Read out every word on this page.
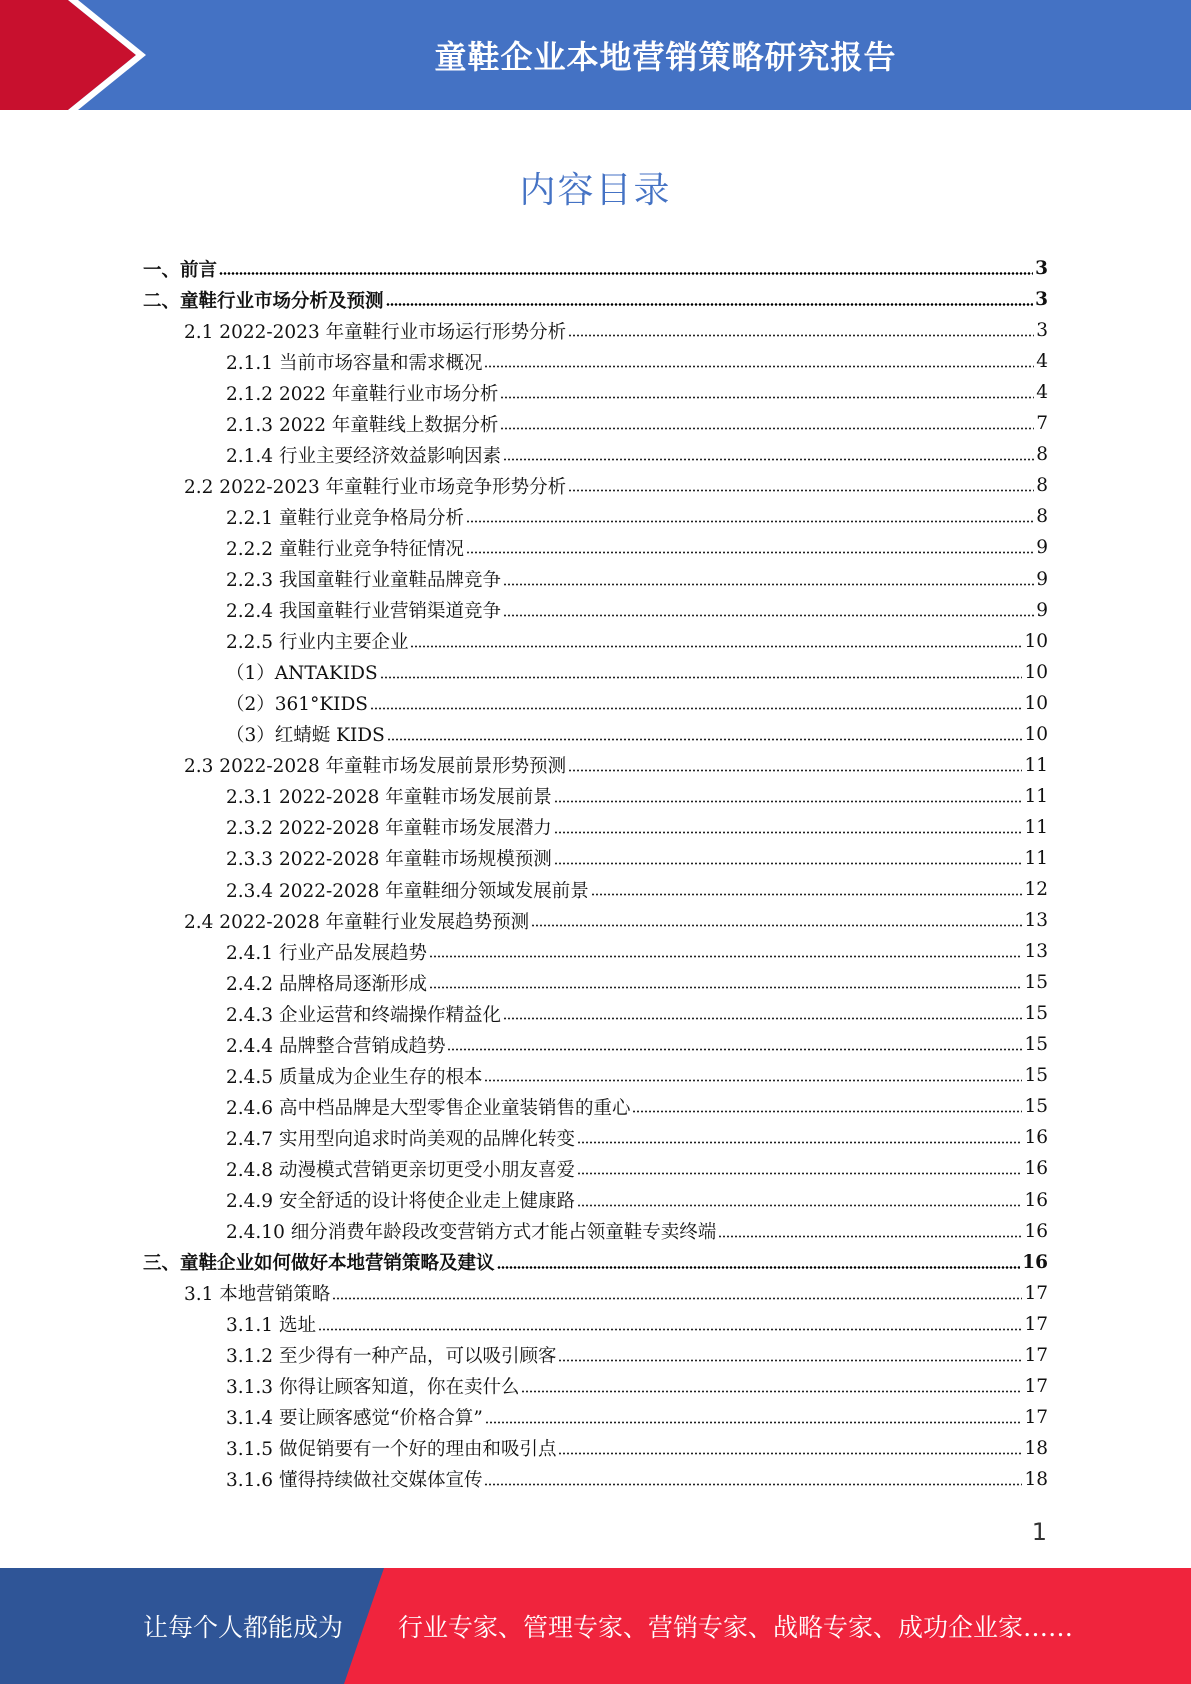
童鞋企业本地营销策略研究报告
内容目录
一、前言	3
二、童鞋行业市场分析及预测	3
2.1 2022-2023 年童鞋行业市场运行形势分析	3
2.1.1 当前市场容量和需求概况	4
2.1.2 2022 年童鞋行业市场分析	4
2.1.3 2022 年童鞋线上数据分析	7
2.1.4 行业主要经济效益影响因素	8
2.2 2022-2023 年童鞋行业市场竞争形势分析	8
2.2.1 童鞋行业竞争格局分析	8
2.2.2 童鞋行业竞争特征情况	9
2.2.3 我国童鞋行业童鞋品牌竞争	9
2.2.4 我国童鞋行业营销渠道竞争	9
2.2.5 行业内主要企业	10
（1）ANTAKIDS	10
（2）361°KIDS	10
（3）红蜻蜓 KIDS	10
2.3 2022-2028 年童鞋市场发展前景形势预测	11
2.3.1 2022-2028 年童鞋市场发展前景	11
2.3.2 2022-2028 年童鞋市场发展潜力	11
2.3.3 2022-2028 年童鞋市场规模预测	11
2.3.4 2022-2028 年童鞋细分领域发展前景	12
2.4 2022-2028 年童鞋行业发展趋势预测	13
2.4.1 行业产品发展趋势	13
2.4.2 品牌格局逐渐形成	15
2.4.3 企业运营和终端操作精益化	15
2.4.4 品牌整合营销成趋势	15
2.4.5 质量成为企业生存的根本	15
2.4.6 高中档品牌是大型零售企业童装销售的重心	15
2.4.7 实用型向追求时尚美观的品牌化转变	16
2.4.8 动漫模式营销更亲切更受小朋友喜爱	16
2.4.9 安全舒适的设计将使企业走上健康路	16
2.4.10 细分消费年龄段改变营销方式才能占领童鞋专卖终端	16
三、童鞋企业如何做好本地营销策略及建议	16
3.1 本地营销策略	17
3.1.1 选址	17
3.1.2 至少得有一种产品，可以吸引顾客	17
3.1.3 你得让顾客知道，你在卖什么	17
3.1.4 要让顾客感觉“价格合算”	17
3.1.5 做促销要有一个好的理由和吸引点	18
3.1.6 懂得持续做社交媒体宣传	18
1
让每个人都能成为 行业专家、管理专家、营销专家、战略专家、成功企业家……
